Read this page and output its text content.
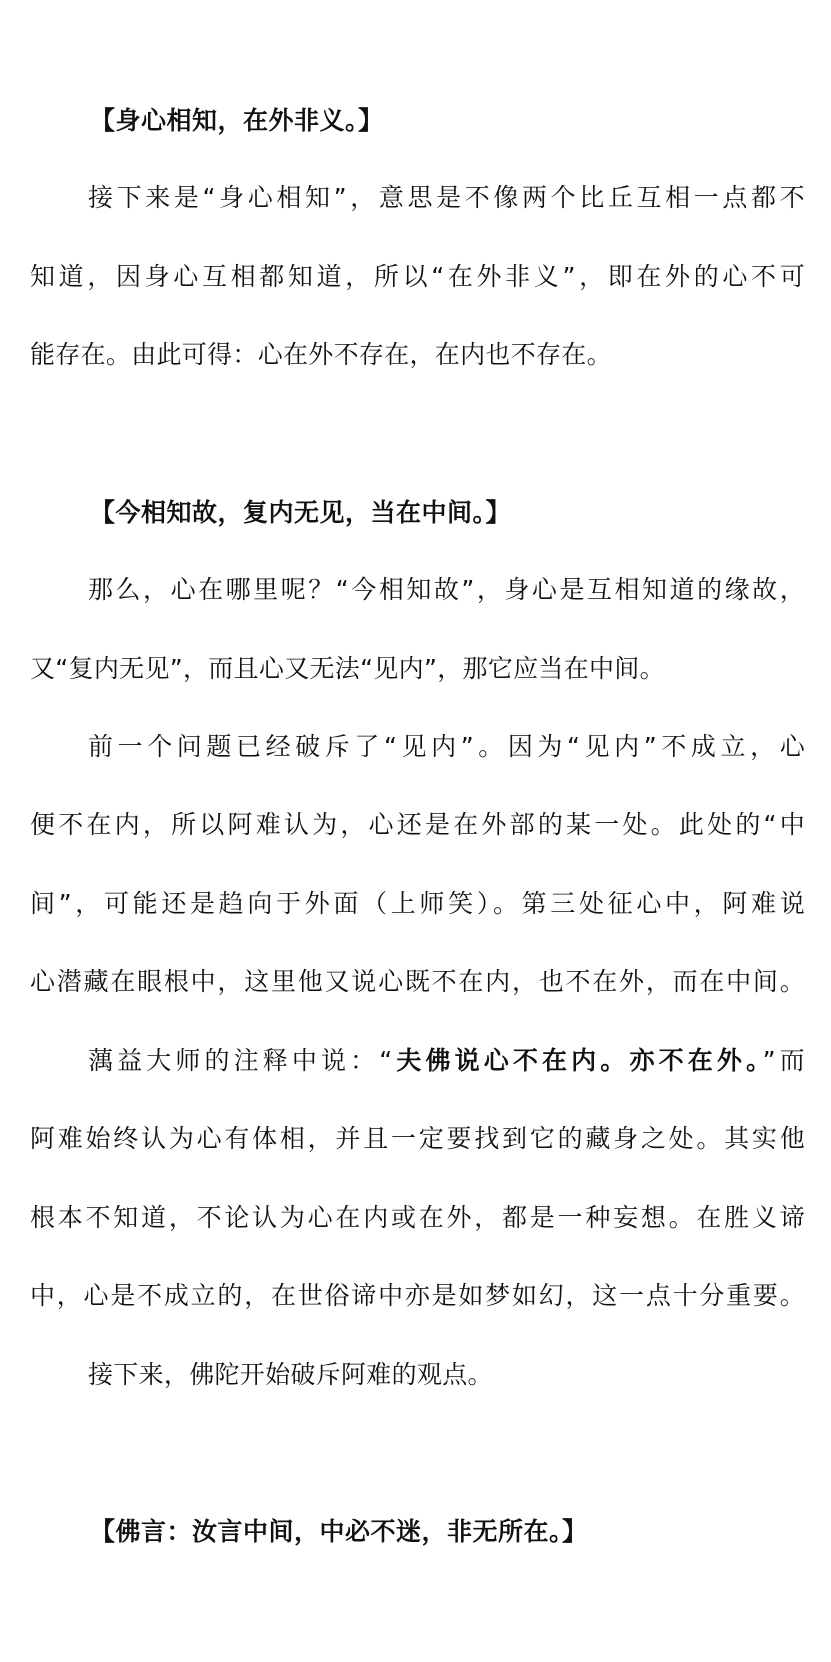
【身心相知，在外非义。】
接下来是“身心相知”，意思是不像两个比丘互相一点都不
知道，因身心互相都知道，所以“在外非义”，即在外的心不可
能存在。由此可得：心在外不存在，在内也不存在。
【今相知故，复内无见，当在中间。】
那么，心在哪里呢？“今相知故”，身心是互相知道的缘故，
又“复内无见”，而且心又无法“见内”，那它应当在中间。
前一个问题已经破斥了“见内”。因为“见内”不成立，心
便不在内，所以阿难认为，心还是在外部的某一处。此处的“中
间”，可能还是趋向于外面（上师笑）。第三处征心中，阿难说
心潜藏在眼根中，这里他又说心既不在内，也不在外，而在中间。
蕅益大师的注释中说：“夫佛说心不在内。亦不在外。”而
阿难始终认为心有体相，并且一定要找到它的藏身之处。其实他
根本不知道，不论认为心在内或在外，都是一种妄想。在胜义谛
中，心是不成立的，在世俗谛中亦是如梦如幻，这一点十分重要。
接下来，佛陀开始破斥阿难的观点。
【佛言：汝言中间，中必不迷，非无所在。】
